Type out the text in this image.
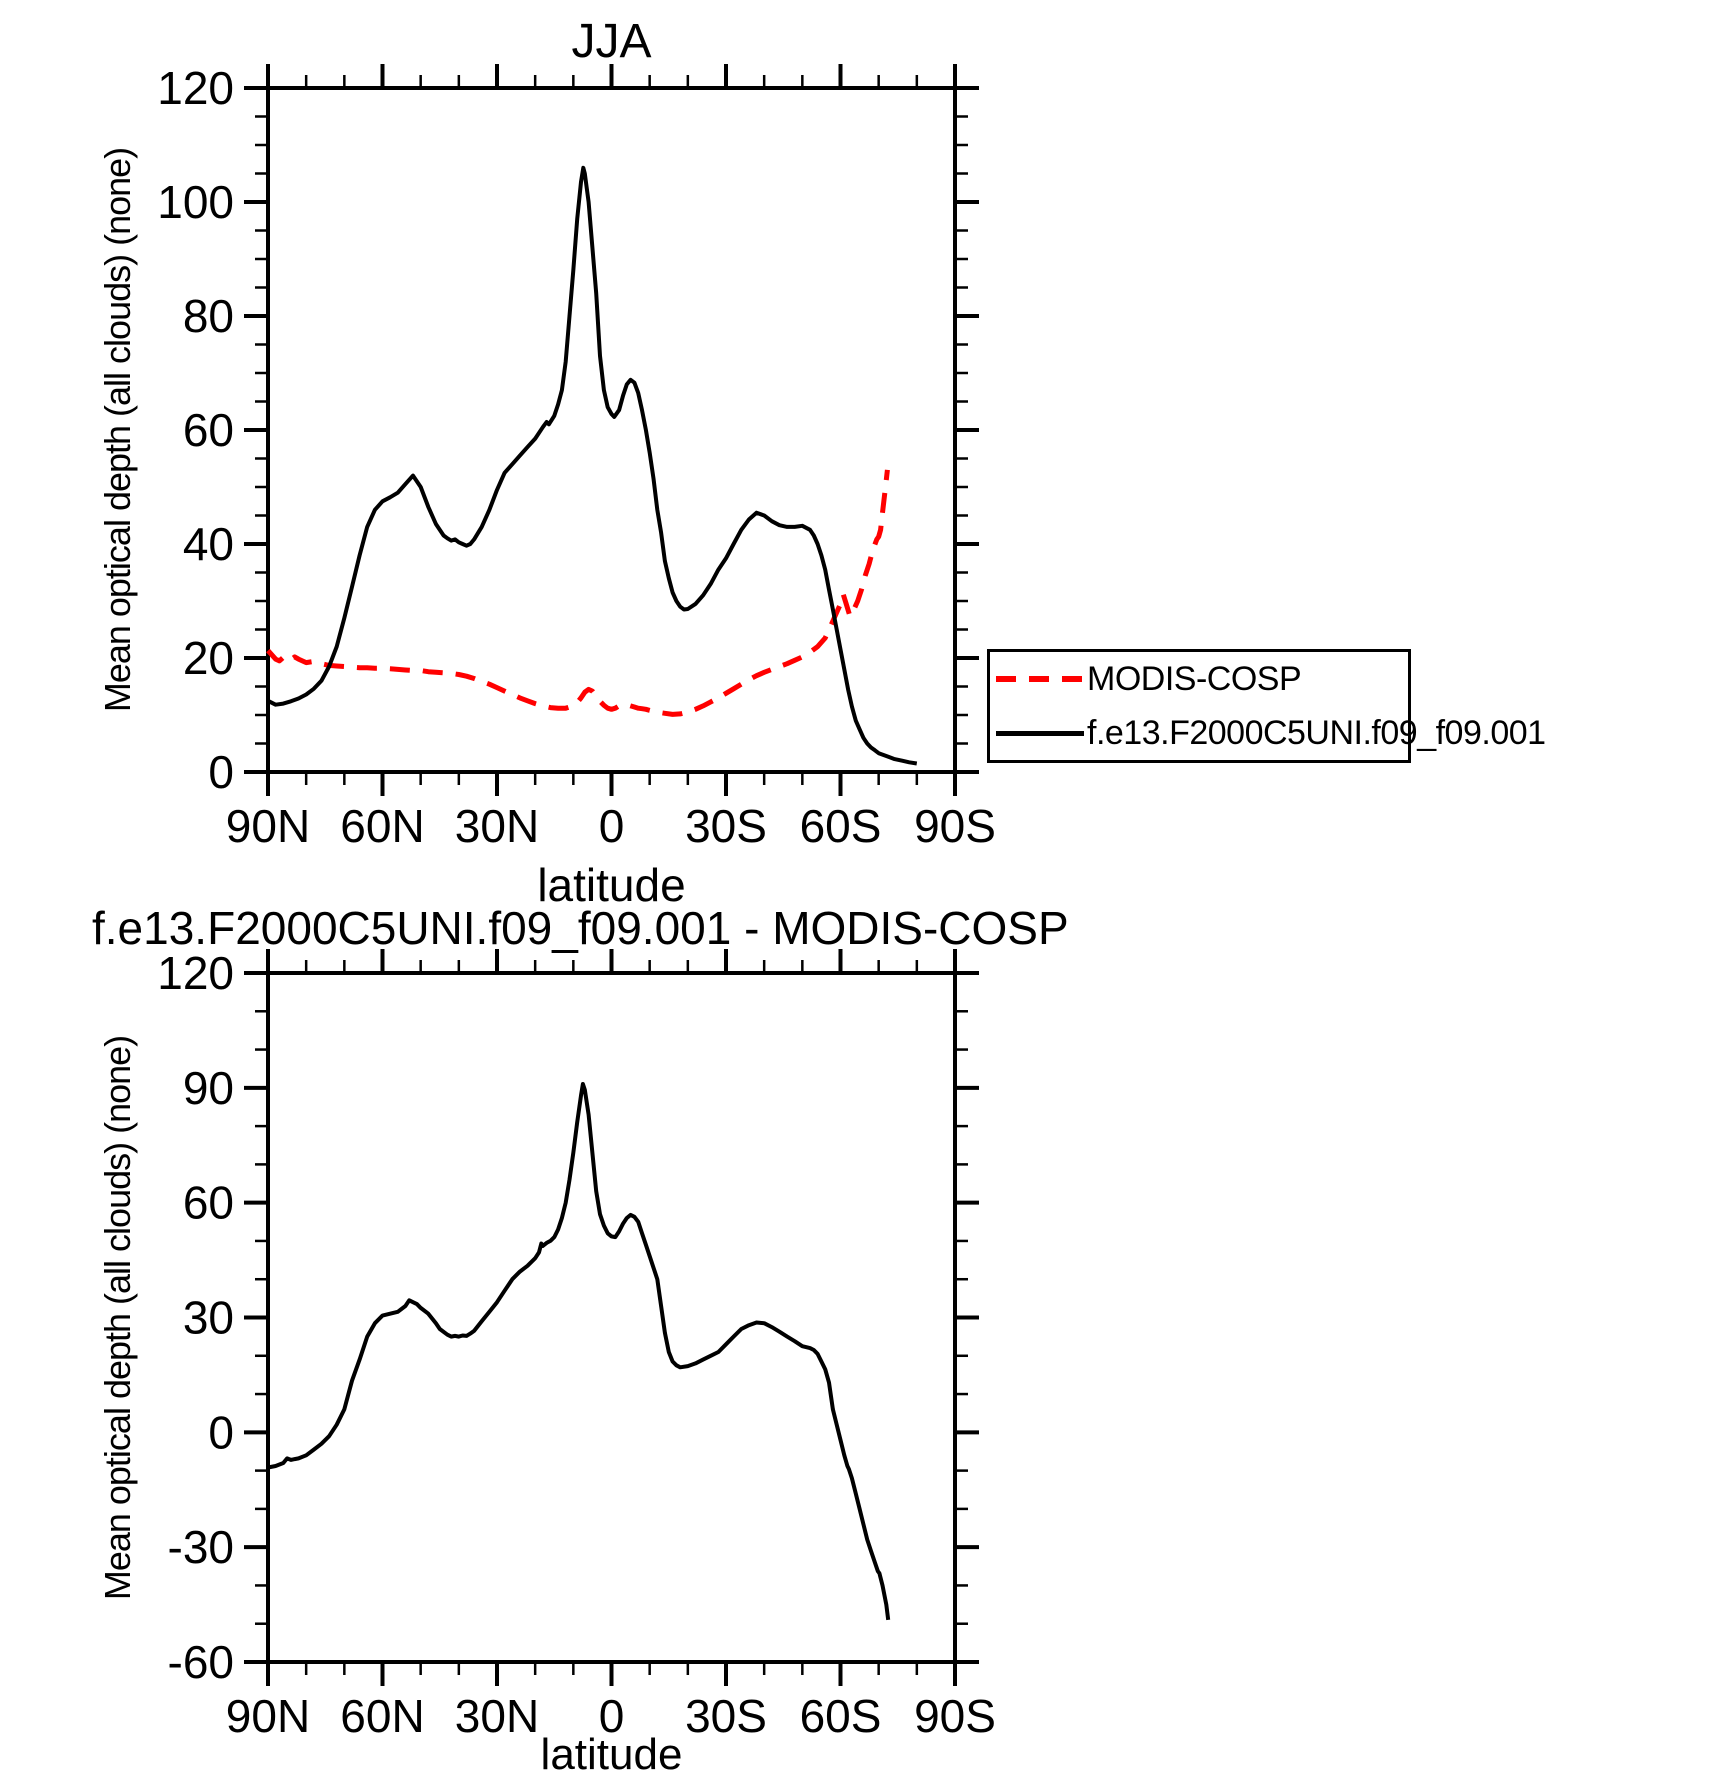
90N 60N 30N 0 30S 60S 90S
0
20
40
60
80
100
120
90N 60N 30N 0 30S 60S 90S
-60
-30
0
30
60
90
120
JJA
Mean optical depth (all clouds) (none)
latitude
f.e13.F2000C5UNI.f09_f09.001 - MODIS-COSP
Mean optical depth (all clouds) (none)
latitude
MODIS-COSP
f.e13.F2000C5UNI.f09_f09.001
